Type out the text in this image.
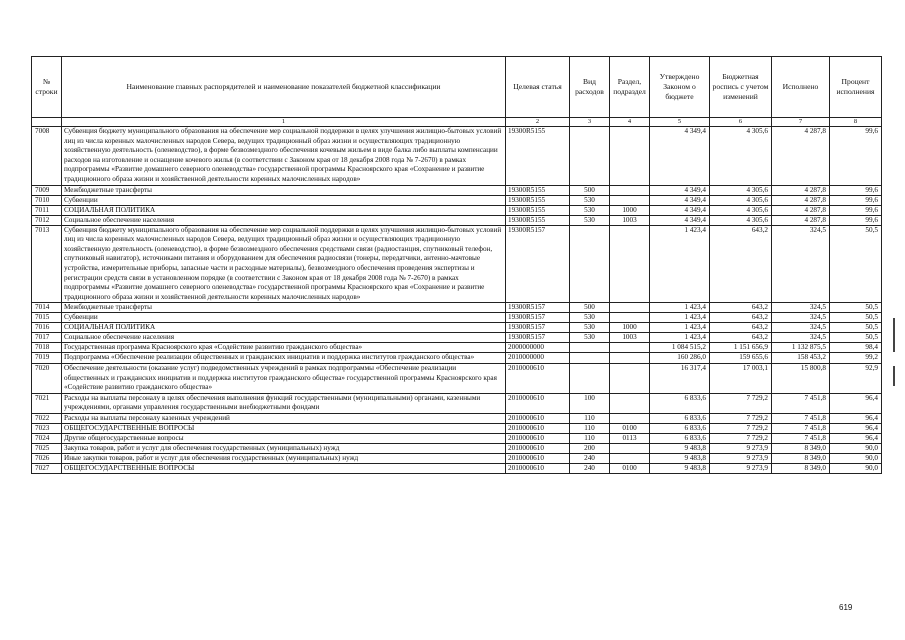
№ строки	Наименование главных распорядителей и наименование показателей бюджетной классификации	Целевая статья	Вид расходов	Раздел, подраздел	Утверждено Законом о бюджете	Бюджетная роспись с учетом изменений	Исполнено	Процент исполнения
	1	2	3	4	5	6	7	8
7008	Субвенция бюджету муниципального образования на обеспечение мер социальной поддержки в целях улучшения жилищно-бытовых условий лиц из числа коренных малочисленных народов Севера, ведущих традиционный образ жизни и осуществляющих традиционную хозяйственную деятельность (оленеводство), в форме безвозмездного обеспечения кочевым жильем в виде балка либо выплаты компенсации расходов на изготовление и оснащение кочевого жилья (в соответствии с Законом края от 18 декабря 2008 года № 7-2670) в рамках подпрограммы «Развитие домашнего северного оленеводства» государственной программы Красноярского края «Сохранение и развитие традиционного образа жизни и хозяйственной деятельности коренных малочисленных народов»	19300R5155			4 349,4	4 305,6	4 287,8	99,6
7009	Межбюджетные трансферты	19300R5155	500		4 349,4	4 305,6	4 287,8	99,6
7010	Субвенции	19300R5155	530		4 349,4	4 305,6	4 287,8	99,6
7011	СОЦИАЛЬНАЯ ПОЛИТИКА	19300R5155	530	1000	4 349,4	4 305,6	4 287,8	99,6
7012	Социальное обеспечение населения	19300R5155	530	1003	4 349,4	4 305,6	4 287,8	99,6
7013	Субвенция бюджету муниципального образования на обеспечение мер социальной поддержки в целях улучшения жилищно-бытовых условий лиц из числа коренных малочисленных народов Севера, ведущих традиционный образ жизни и осуществляющих традиционную хозяйственную деятельность (оленеводство), в форме безвозмездного обеспечения средствами связи (радиостанция, спутниковый телефон, спутниковый навигатор), источниками питания и оборудованием для обеспечения радиосвязи (тонеры, передатчики, антенно-мачтовые устройства, измерительные приборы, запасные части и расходные материалы), безвозмездного обеспечения проведения экспертизы и регистрации средств связи в установленном порядке (в соответствии с Законом края от 18 декабря 2008 года № 7-2670) в рамках подпрограммы «Развитие домашнего северного оленеводства» государственной программы Красноярского края «Сохранение и развитие традиционного образа жизни и хозяйственной деятельности коренных малочисленных народов»	19300R5157			1 423,4	643,2	324,5	50,5
7014	Межбюджетные трансферты	19300R5157	500		1 423,4	643,2	324,5	50,5
7015	Субвенции	19300R5157	530		1 423,4	643,2	324,5	50,5
7016	СОЦИАЛЬНАЯ ПОЛИТИКА	19300R5157	530	1000	1 423,4	643,2	324,5	50,5
7017	Социальное обеспечение населения	19300R5157	530	1003	1 423,4	643,2	324,5	50,5
7018	Государственная программа Красноярского края «Содействие развитию гражданского общества»	2000000000			1 084 515,2	1 151 656,9	1 132 875,5	98,4
7019	Подпрограмма «Обеспечение реализации общественных и гражданских инициатив и поддержка институтов гражданского общества»	2010000000			160 286,0	159 655,6	158 453,2	99,2
7020	Обеспечение деятельности (оказание услуг) подведомственных учреждений в рамках подпрограммы «Обеспечение реализации общественных и гражданских инициатив и поддержка институтов гражданского общества» государственной программы Красноярского края «Содействие развитию гражданского общества»	2010000610			16 317,4	17 003,1	15 800,8	92,9
7021	Расходы на выплаты персоналу в целях обеспечения выполнения функций государственными (муниципальными) органами, казенными учреждениями, органами управления государственными внебюджетными фондами	2010000610	100		6 833,6	7 729,2	7 451,8	96,4
7022	Расходы на выплаты персоналу казенных учреждений	2010000610	110		6 833,6	7 729,2	7 451,8	96,4
7023	ОБЩЕГОСУДАРСТВЕННЫЕ ВОПРОСЫ	2010000610	110	0100	6 833,6	7 729,2	7 451,8	96,4
7024	Другие общегосударственные вопросы	2010000610	110	0113	6 833,6	7 729,2	7 451,8	96,4
7025	Закупка товаров, работ и услуг для обеспечения государственных (муниципальных) нужд	2010000610	200		9 483,8	9 273,9	8 349,0	90,0
7026	Иные закупки товаров, работ и услуг для обеспечения государственных (муниципальных) нужд	2010000610	240		9 483,8	9 273,9	8 349,0	90,0
7027	ОБЩЕГОСУДАРСТВЕННЫЕ ВОПРОСЫ	2010000610	240	0100	9 483,8	9 273,9	8 349,0	90,0
619
